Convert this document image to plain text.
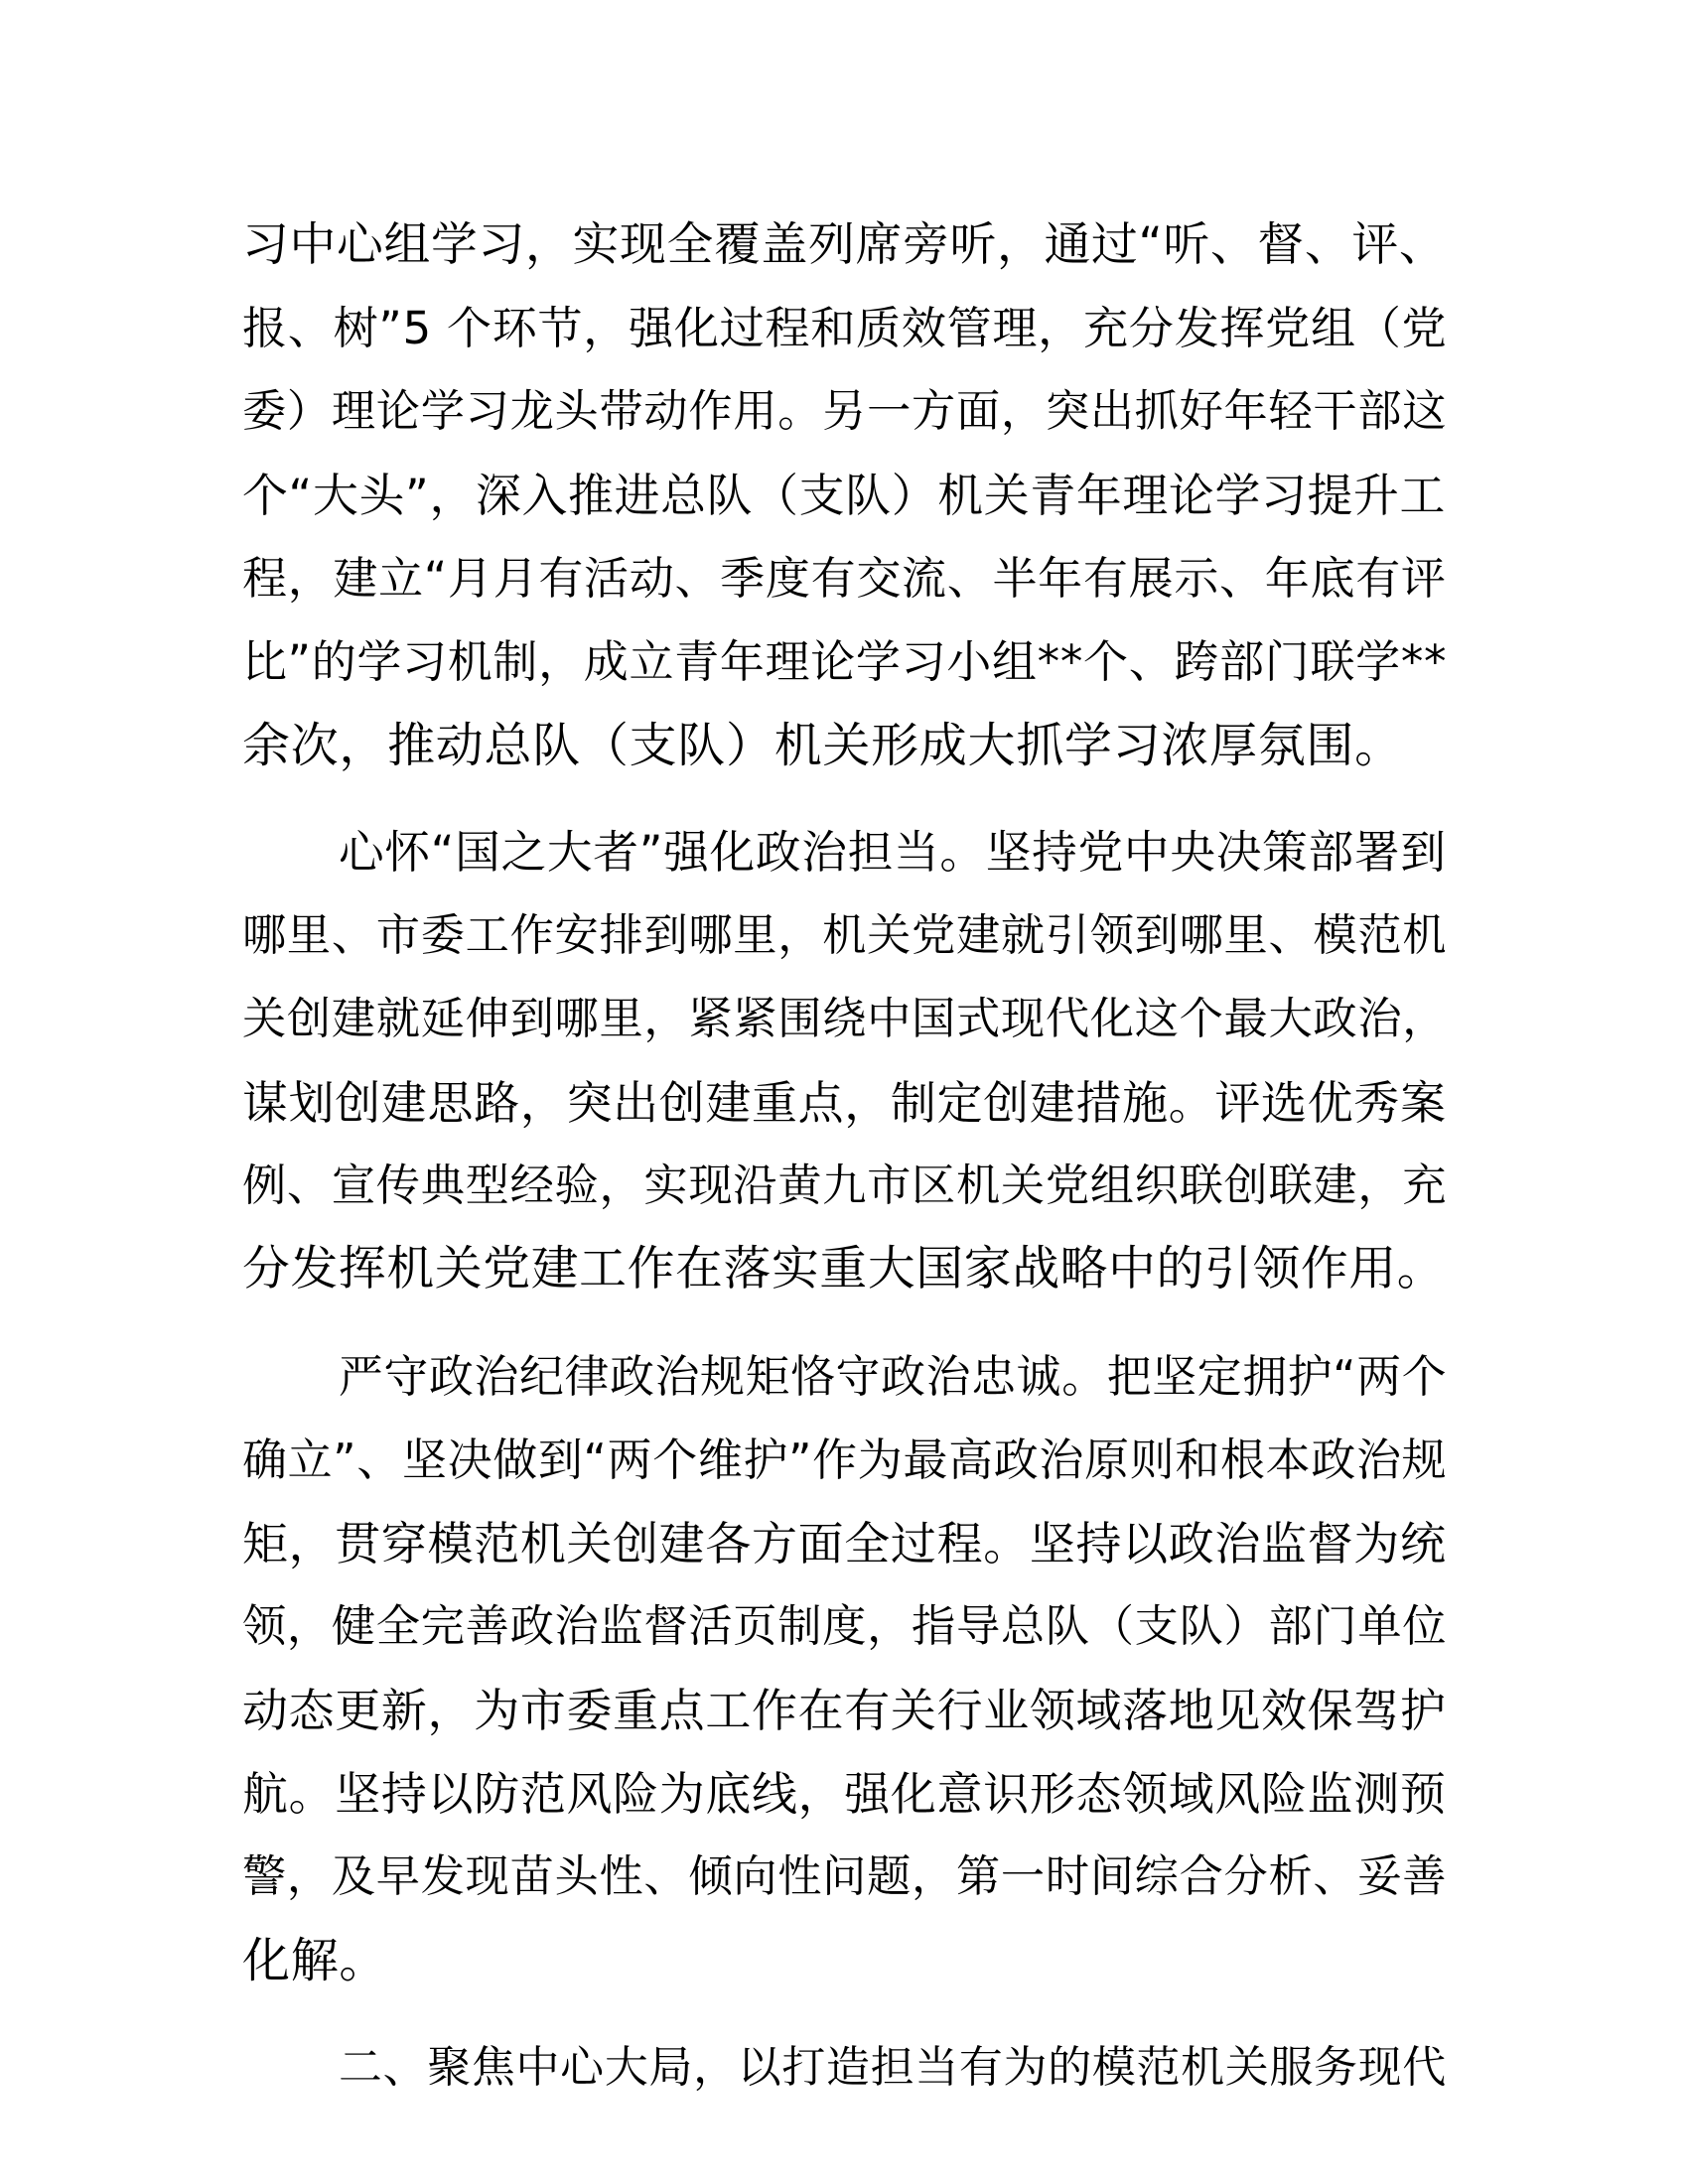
习中心组学习，实现全覆盖列席旁听，通过“听、督、评、
报、树”5 个环节，强化过程和质效管理，充分发挥党组（党
委）理论学习龙头带动作用。另一方面，突出抓好年轻干部这
个“大头”，深入推进总队（支队）机关青年理论学习提升工
程，建立“月月有活动、季度有交流、半年有展示、年底有评
比”的学习机制，成立青年理论学习小组**个、跨部门联学**
余次，推动总队（支队）机关形成大抓学习浓厚氛围。
心怀“国之大者”强化政治担当。坚持党中央决策部署到
哪里、市委工作安排到哪里，机关党建就引领到哪里、模范机
关创建就延伸到哪里，紧紧围绕中国式现代化这个最大政治，
谋划创建思路，突出创建重点，制定创建措施。评选优秀案
例、宣传典型经验，实现沿黄九市区机关党组织联创联建，充
分发挥机关党建工作在落实重大国家战略中的引领作用。
严守政治纪律政治规矩恪守政治忠诚。把坚定拥护“两个
确立”、坚决做到“两个维护”作为最高政治原则和根本政治规
矩，贯穿模范机关创建各方面全过程。坚持以政治监督为统
领，健全完善政治监督活页制度，指导总队（支队）部门单位
动态更新，为市委重点工作在有关行业领域落地见效保驾护
航。坚持以防范风险为底线，强化意识形态领域风险监测预
警，及早发现苗头性、倾向性问题，第一时间综合分析、妥善
化解。
二、聚焦中心大局，以打造担当有为的模范机关服务现代
